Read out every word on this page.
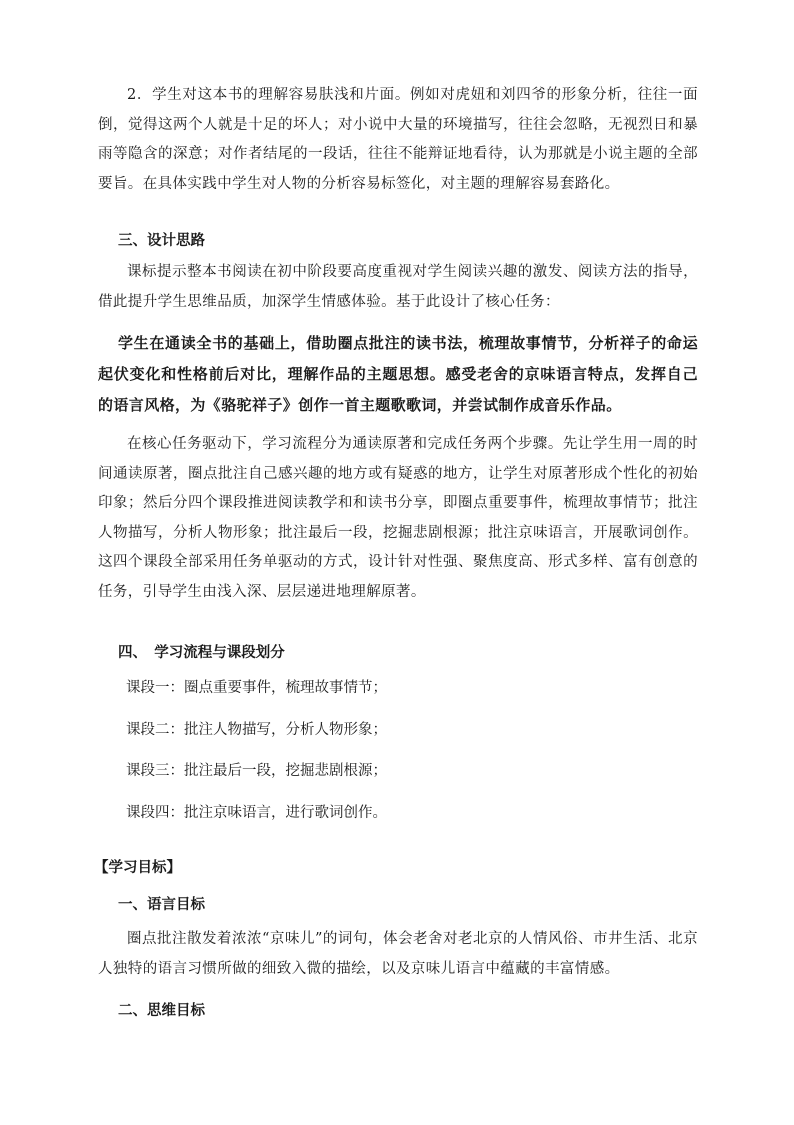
2．学生对这本书的理解容易肤浅和片面。例如对虎妞和刘四爷的形象分析，往往一面倒，觉得这两个人就是十足的坏人；对小说中大量的环境描写，往往会忽略，无视烈日和暴雨等隐含的深意；对作者结尾的一段话，往往不能辩证地看待，认为那就是小说主题的全部要旨。在具体实践中学生对人物的分析容易标签化，对主题的理解容易套路化。

三、设计思路

课标提示整本书阅读在初中阶段要高度重视对学生阅读兴趣的激发、阅读方法的指导，借此提升学生思维品质，加深学生情感体验。基于此设计了核心任务：

学生在通读全书的基础上，借助圈点批注的读书法，梳理故事情节，分析祥子的命运起伏变化和性格前后对比，理解作品的主题思想。感受老舍的京味语言特点，发挥自己的语言风格，为《骆驼祥子》创作一首主题歌歌词，并尝试制作成音乐作品。

在核心任务驱动下，学习流程分为通读原著和完成任务两个步骤。先让学生用一周的时间通读原著，圈点批注自己感兴趣的地方或有疑惑的地方，让学生对原著形成个性化的初始印象；然后分四个课段推进阅读教学和和读书分享，即圈点重要事件，梳理故事情节；批注人物描写，分析人物形象；批注最后一段，挖掘悲剧根源；批注京味语言，开展歌词创作。这四个课段全部采用任务单驱动的方式，设计针对性强、聚焦度高、形式多样、富有创意的任务，引导学生由浅入深、层层递进地理解原著。

四、　学习流程与课段划分

课段一：圈点重要事件，梳理故事情节；

课段二：批注人物描写，分析人物形象；

课段三：批注最后一段，挖掘悲剧根源；

课段四：批注京味语言，进行歌词创作。

【学习目标】

一、语言目标

圈点批注散发着浓浓“京味儿”的词句，体会老舍对老北京的人情风俗、市井生活、北京人独特的语言习惯所做的细致入微的描绘，以及京味儿语言中蕴藏的丰富情感。

二、思维目标
